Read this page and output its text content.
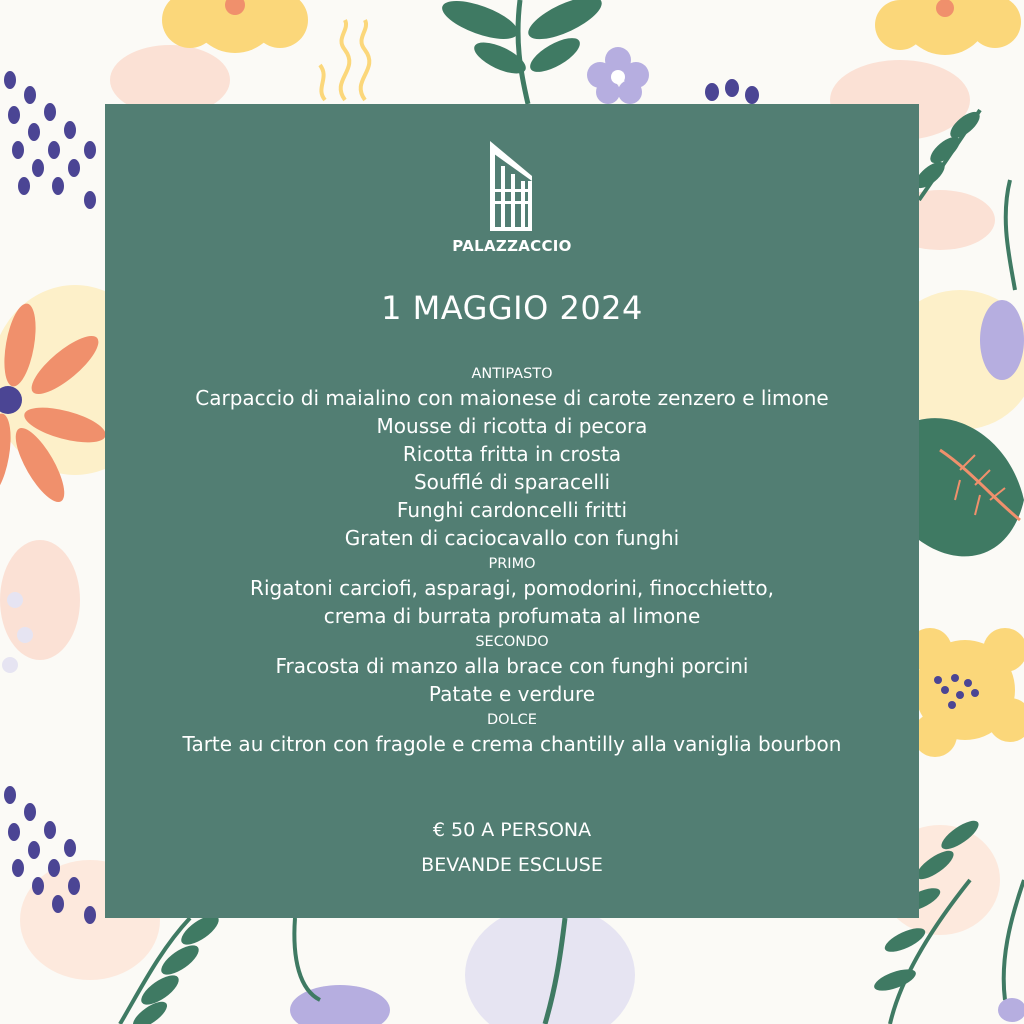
PALAZZACCIO
1 MAGGIO 2024
ANTIPASTO
Carpaccio di maialino con maionese di carote zenzero e limone
Mousse di ricotta di pecora
Ricotta fritta in crosta
Soufflé di sparacelli
Funghi cardoncelli fritti
Graten di caciocavallo con funghi
PRIMO
Rigatoni carciofi, asparagi, pomodorini, finocchietto,
crema di burrata profumata al limone
SECONDO
Fracosta di manzo alla brace con funghi porcini
Patate e verdure
DOLCE
Tarte au citron con fragole e crema chantilly alla vaniglia bourbon
€ 50 A PERSONA
BEVANDE ESCLUSE
